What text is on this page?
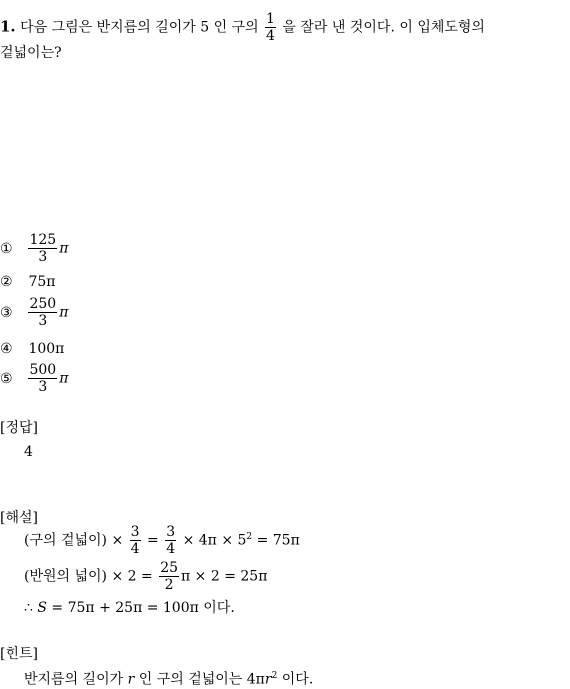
1. 다음 그림은 반지름의 길이가 5 인 구의 $\frac{1}{4}$ 을 잘라 낸 것이다. 이 입체도형의
겉넓이는?
① $\frac{125}{3}$ π
② 75π
③ $\frac{250}{3}$ π
④ 100π
⑤ $\frac{500}{3}$ π
[정답]
4
[해설]
(구의 겉넓이) × $\frac{3}{4} = \frac{3}{4} \times 4\pi \times 5^2 = 75\pi$
(반원의 넓이) × $2 = \frac{25}{2}$ π × 2 = 25π
∴ S = 75π + 25π = 100π 이다.
[힌트]
반지름의 길이가 r 인 구의 겉넓이는 $4\pi r^2$ 이다.
